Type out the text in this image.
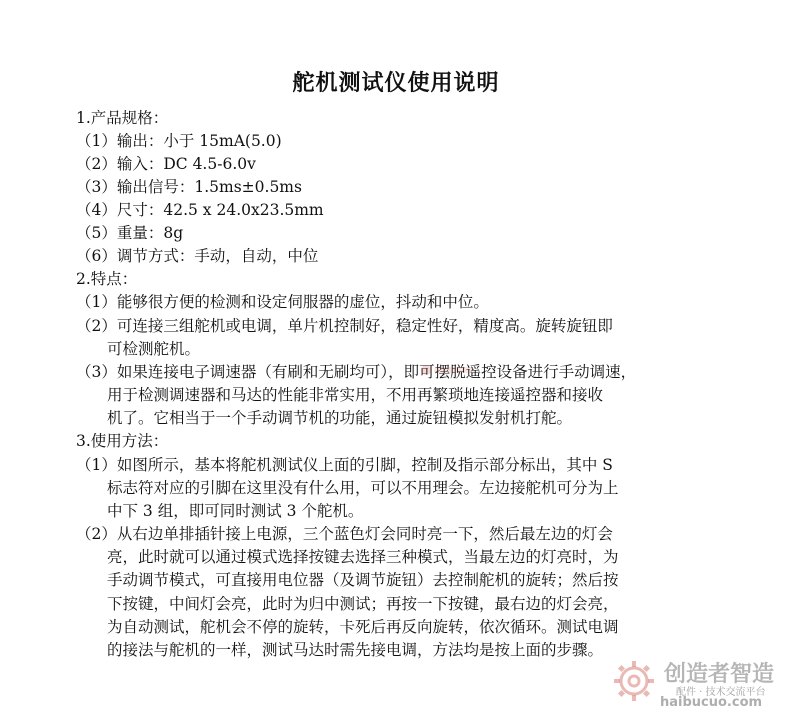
舵机测试仪使用说明
1.产品规格：
（1）输出：小于 15mA(5.0)
（2）输入：DC 4.5-6.0v
（3）输出信号：1.5ms±0.5ms
（4）尺寸：42.5 x 24.0x23.5mm
（5）重量：8g
（6）调节方式：手动，自动，中位
2.特点：
（1）能够很方便的检测和设定伺服器的虚位，抖动和中位。
（2）可连接三组舵机或电调，单片机控制好，稳定性好，精度高。旋转旋钮即
可检测舵机。
（3）如果连接电子调速器（有刷和无刷均可），即可摆脱遥控设备进行手动调速，
用于检测调速器和马达的性能非常实用，不用再繁琐地连接遥控器和接收
机了。它相当于一个手动调节机的功能，通过旋钮模拟发射机打舵。
3.使用方法：
（1）如图所示，基本将舵机测试仪上面的引脚，控制及指示部分标出，其中 S
标志符对应的引脚在这里没有什么用，可以不用理会。左边接舵机可分为上
中下 3 组，即可同时测试 3 个舵机。
（2）从右边单排插针接上电源，三个蓝色灯会同时亮一下，然后最左边的灯会
亮，此时就可以通过模式选择按键去选择三种模式，当最左边的灯亮时，为
手动调节模式，可直接用电位器（及调节旋钮）去控制舵机的旋转；然后按
下按键，中间灯会亮，此时为归中测试；再按一下按键，最右边的灯会亮，
为自动测试，舵机会不停的旋转，卡死后再反向旋转，依次循环。测试电调
的接法与舵机的一样，测试马达时需先接电调，方法均是按上面的步骤。
创造者智造
配件 · 技术交流平台
haibucuo.com
